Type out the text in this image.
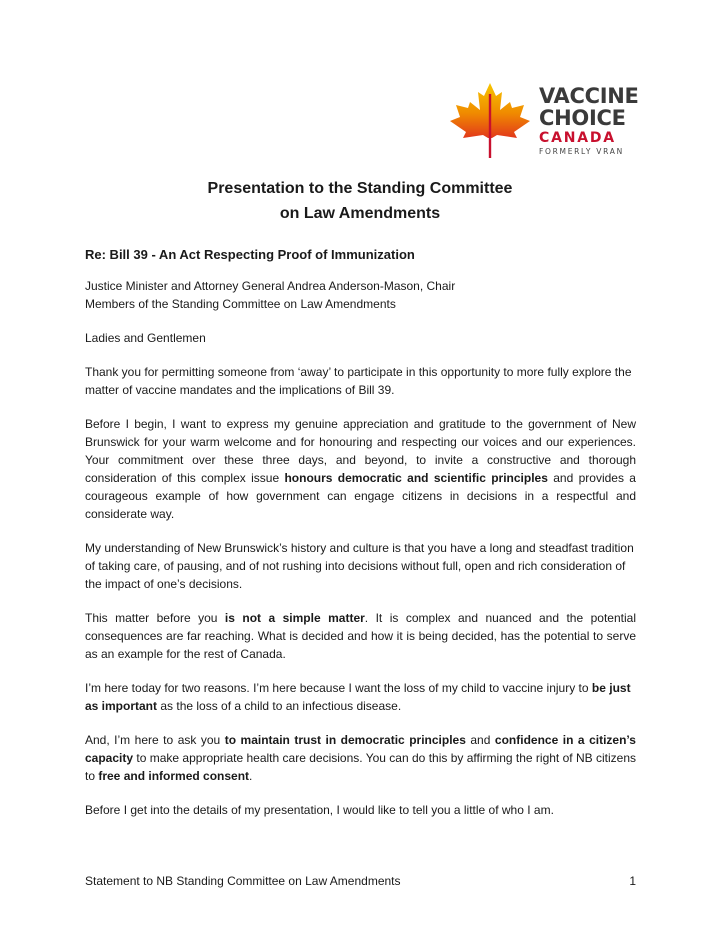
VACCINE
CHOICE
CANADA
FORMERLY VRAN
Presentation to the Standing Committee
on Law Amendments
Re: Bill 39 - An Act Respecting Proof of Immunization

Justice Minister and Attorney General Andrea Anderson-Mason, Chair
Members of the Standing Committee on Law Amendments

Ladies and Gentlemen

Thank you for permitting someone from ‘away’ to participate in this opportunity to more fully explore the matter of vaccine mandates and the implications of Bill 39.

Before I begin, I want to express my genuine appreciation and gratitude to the government of New Brunswick for your warm welcome and for honouring and respecting our voices and our experiences. Your commitment over these three days, and beyond, to invite a constructive and thorough consideration of this complex issue honours democratic and scientific principles and provides a courageous example of how government can engage citizens in decisions in a respectful and considerate way.

My understanding of New Brunswick’s history and culture is that you have a long and steadfast tradition of taking care, of pausing, and of not rushing into decisions without full, open and rich consideration of the impact of one’s decisions.

This matter before you is not a simple matter. It is complex and nuanced and the potential consequences are far reaching. What is decided and how it is being decided, has the potential to serve as an example for the rest of Canada.

I’m here today for two reasons. I’m here because I want the loss of my child to vaccine injury to be just as important as the loss of a child to an infectious disease.

And, I’m here to ask you to maintain trust in democratic principles and confidence in a citizen’s capacity to make appropriate health care decisions. You can do this by affirming the right of NB citizens to free and informed consent.

Before I get into the details of my presentation, I would like to tell you a little of who I am.

Statement to NB Standing Committee on Law Amendments	1
